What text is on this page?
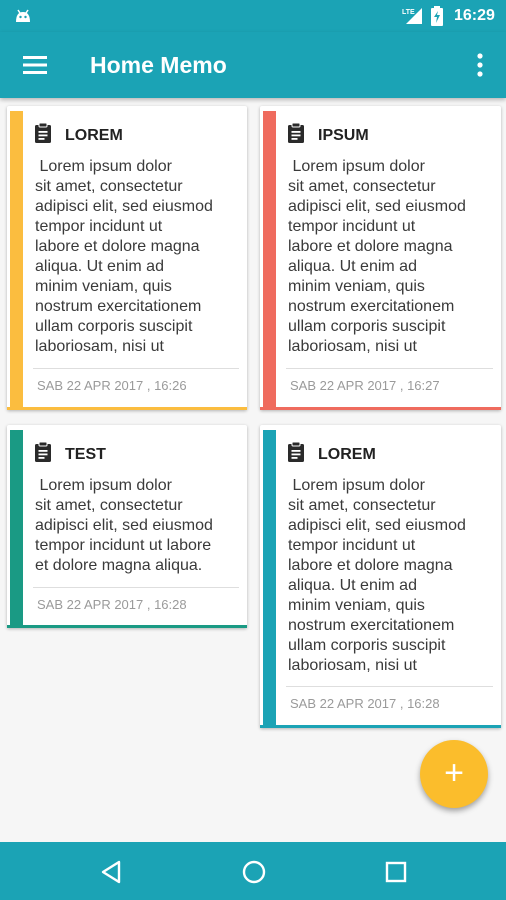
LTE 16:29
Home Memo
LOREM
Lorem ipsum dolor
sit amet, consectetur
adipisci elit, sed eiusmod
tempor incidunt ut
labore et dolore magna
aliqua. Ut enim ad
minim veniam, quis
nostrum exercitationem
ullam corporis suscipit
laboriosam, nisi ut
SAB 22 APR 2017 , 16:26
IPSUM
Lorem ipsum dolor
sit amet, consectetur
adipisci elit, sed eiusmod
tempor incidunt ut
labore et dolore magna
aliqua. Ut enim ad
minim veniam, quis
nostrum exercitationem
ullam corporis suscipit
laboriosam, nisi ut
SAB 22 APR 2017 , 16:27
TEST
Lorem ipsum dolor
sit amet, consectetur
adipisci elit, sed eiusmod
tempor incidunt ut labore
et dolore magna aliqua.
SAB 22 APR 2017 , 16:28
LOREM
Lorem ipsum dolor
sit amet, consectetur
adipisci elit, sed eiusmod
tempor incidunt ut
labore et dolore magna
aliqua. Ut enim ad
minim veniam, quis
nostrum exercitationem
ullam corporis suscipit
laboriosam, nisi ut
SAB 22 APR 2017 , 16:28
+
